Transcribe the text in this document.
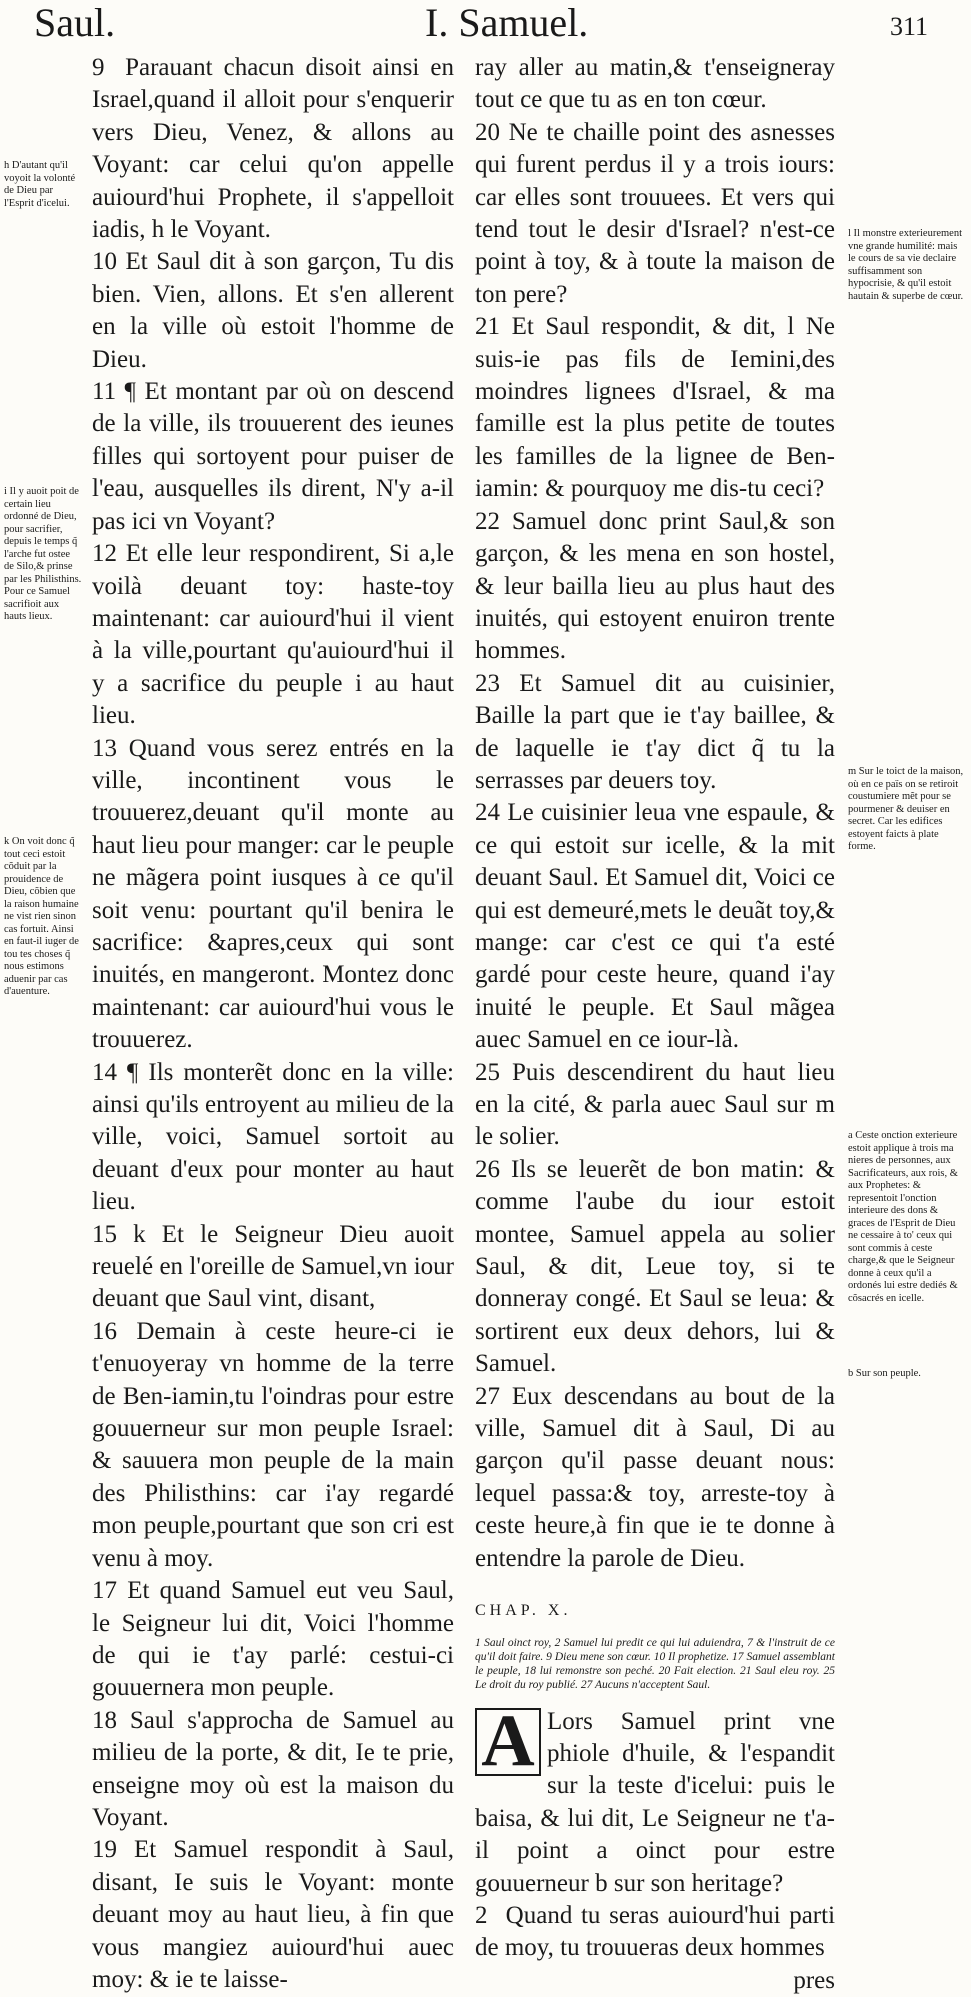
Saul.	I. Samuel.	311

9 Parauant chacun disoit ainsi en Israel,quand il alloit pour s'enquerir vers Dieu, Venez, & allons au Voyant: car celui qu'on appelle auiourd'hui Prophete, il s'appelloit iadis, h le Voyant.

10 Et Saul dit à son garçon, Tu dis bien. Vien, allons. Et s'en allerent en la ville où estoit l'homme de Dieu.

11 ¶ Et montant par où on descend de la ville, ils trouuerent des ieunes filles qui sortoyent pour puiser de l'eau, ausquelles ils dirent, N'y a-il pas ici vn Voyant?

12 Et elle leur respondirent, Si a,le voilà deuant toy: haste-toy maintenant: car auiourd'hui il vient à la ville,pourtant qu'auiourd'hui il y a sacrifice du peuple i au haut lieu.

13 Quand vous serez entrés en la ville, incontinent vous le trouuerez,deuant qu'il monte au haut lieu pour manger: car le peuple ne mãgera point iusques à ce qu'il soit venu: pourtant qu'il benira le sacrifice: &apres,ceux qui sont inuités, en mangeront. Montez donc maintenant: car auiourd'hui vous le trouuerez.

14 ¶ Ils monterẽt donc en la ville: ainsi qu'ils entroyent au milieu de la ville, voici, Samuel sortoit au deuant d'eux pour monter au haut lieu.

15 k Et le Seigneur Dieu auoit reuelé en l'oreille de Samuel,vn iour deuant que Saul vint, disant,

16 Demain à ceste heure-ci ie t'enuoyeray vn homme de la terre de Ben-iamin,tu l'oindras pour estre gouuerneur sur mon peuple Israel: & sauuera mon peuple de la main des Philisthins: car i'ay regardé mon peuple,pourtant que son cri est venu à moy.

17 Et quand Samuel eut veu Saul, le Seigneur lui dit, Voici l'homme de qui ie t'ay parlé: cestui-ci gouuernera mon peuple.

18 Saul s'approcha de Samuel au milieu de la porte, & dit, Ie te prie, enseigne moy où est la maison du Voyant.

19 Et Samuel respondit à Saul, disant, Ie suis le Voyant: monte deuant moy au haut lieu, à fin que vous mangiez auiourd'hui auec moy: & ie te laisse-

ray aller au matin,& t'enseigneray tout ce que tu as en ton cœur.

20 Ne te chaille point des asnesses qui furent perdus il y a trois iours: car elles sont trouuees. Et vers qui tend tout le desir d'Israel? n'est-ce point à toy, & à toute la maison de ton pere?

21 Et Saul respondit, & dit, l Ne suis-ie pas fils de Iemini,des moindres lignees d'Israel, & ma famille est la plus petite de toutes les familles de la lignee de Ben-iamin: & pourquoy me dis-tu ceci?

22 Samuel donc print Saul,& son garçon, & les mena en son hostel, & leur bailla lieu au plus haut des inuités, qui estoyent enuiron trente hommes.

23 Et Samuel dit au cuisinier, Baille la part que ie t'ay baillee, & de laquelle ie t'ay dict q̃ tu la serrasses par deuers toy.

24 Le cuisinier leua vne espaule, & ce qui estoit sur icelle, & la mit deuant Saul. Et Samuel dit, Voici ce qui est demeuré,mets le deuãt toy,& mange: car c'est ce qui t'a esté gardé pour ceste heure, quand i'ay inuité le peuple. Et Saul mãgea auec Samuel en ce iour-là.

25 Puis descendirent du haut lieu en la cité, & parla auec Saul sur m le solier.

26 Ils se leuerẽt de bon matin: & comme l'aube du iour estoit montee, Samuel appela au solier Saul, & dit, Leue toy, si te donneray congé. Et Saul se leua: & sortirent eux deux dehors, lui & Samuel.

27 Eux descendans au bout de la ville, Samuel dit à Saul, Di au garçon qu'il passe deuant nous: lequel passa:& toy, arreste-toy à ceste heure,à fin que ie te donne à entendre la parole de Dieu.

CHAP. X.

1 Saul oinct roy, 2 Samuel lui predit ce qui lui aduiendra, 7 & l'instruit de ce qu'il doit faire. 9 Dieu mene son cœur. 10 Il prophetize. 17 Samuel assemblant le peuple, 18 lui remonstre son peché. 20 Fait election. 21 Saul eleu roy. 25 Le droit du roy publié. 27 Aucuns n'acceptent Saul.

A Lors Samuel print vne phiole d'huile, & l'espandit sur la teste d'icelui: puis le baisa, & lui dit, Le Seigneur ne t'a-il point a oinct pour estre gouuerneur b sur son heritage?

2 Quand tu seras auiourd'hui parti de moy, tu trouueras deux hommes

pres

h D'autant qu'il voyoit la volonté de Dieu par l'Esprit d'icelui.
i Il y auoit poit de certain lieu ordonné de Dieu, pour sacrifier, depuis le temps q̃ l'arche fut ostee de Silo,& prinse par les Philisthins. Pour ce Samuel sacrifioit aux hauts lieux.
k On voit donc q̃ tout ceci estoit cõduit par la prouidence de Dieu, cõbien que la raison humaine ne vist rien sinon cas fortuit. Ainsi en faut-il iuger de tou tes choses q̃ nous estimons aduenir par cas d'auenture.
l Il monstre exterieurement vne grande humilité: mais le cours de sa vie declaire suffisamment son hypocrisie, & qu'il estoit hautain & superbe de cœur.
m Sur le toict de la maison, où en ce païs on se retiroit coustumiere mẽt pour se pourmener & deuiser en secret. Car les edifices estoyent faicts à plate forme.
a Ceste onction exterieure estoit applique à trois ma nieres de personnes, aux Sacrificateurs, aux rois, & aux Prophetes: & representoit l'onction interieure des dons & graces de l'Esprit de Dieu ne cessaire à to' ceux qui sont commis à ceste charge,& que le Seigneur donne à ceux qu'il a ordonés lui estre dediés & cõsacrés en icelle.
b Sur son peuple.
